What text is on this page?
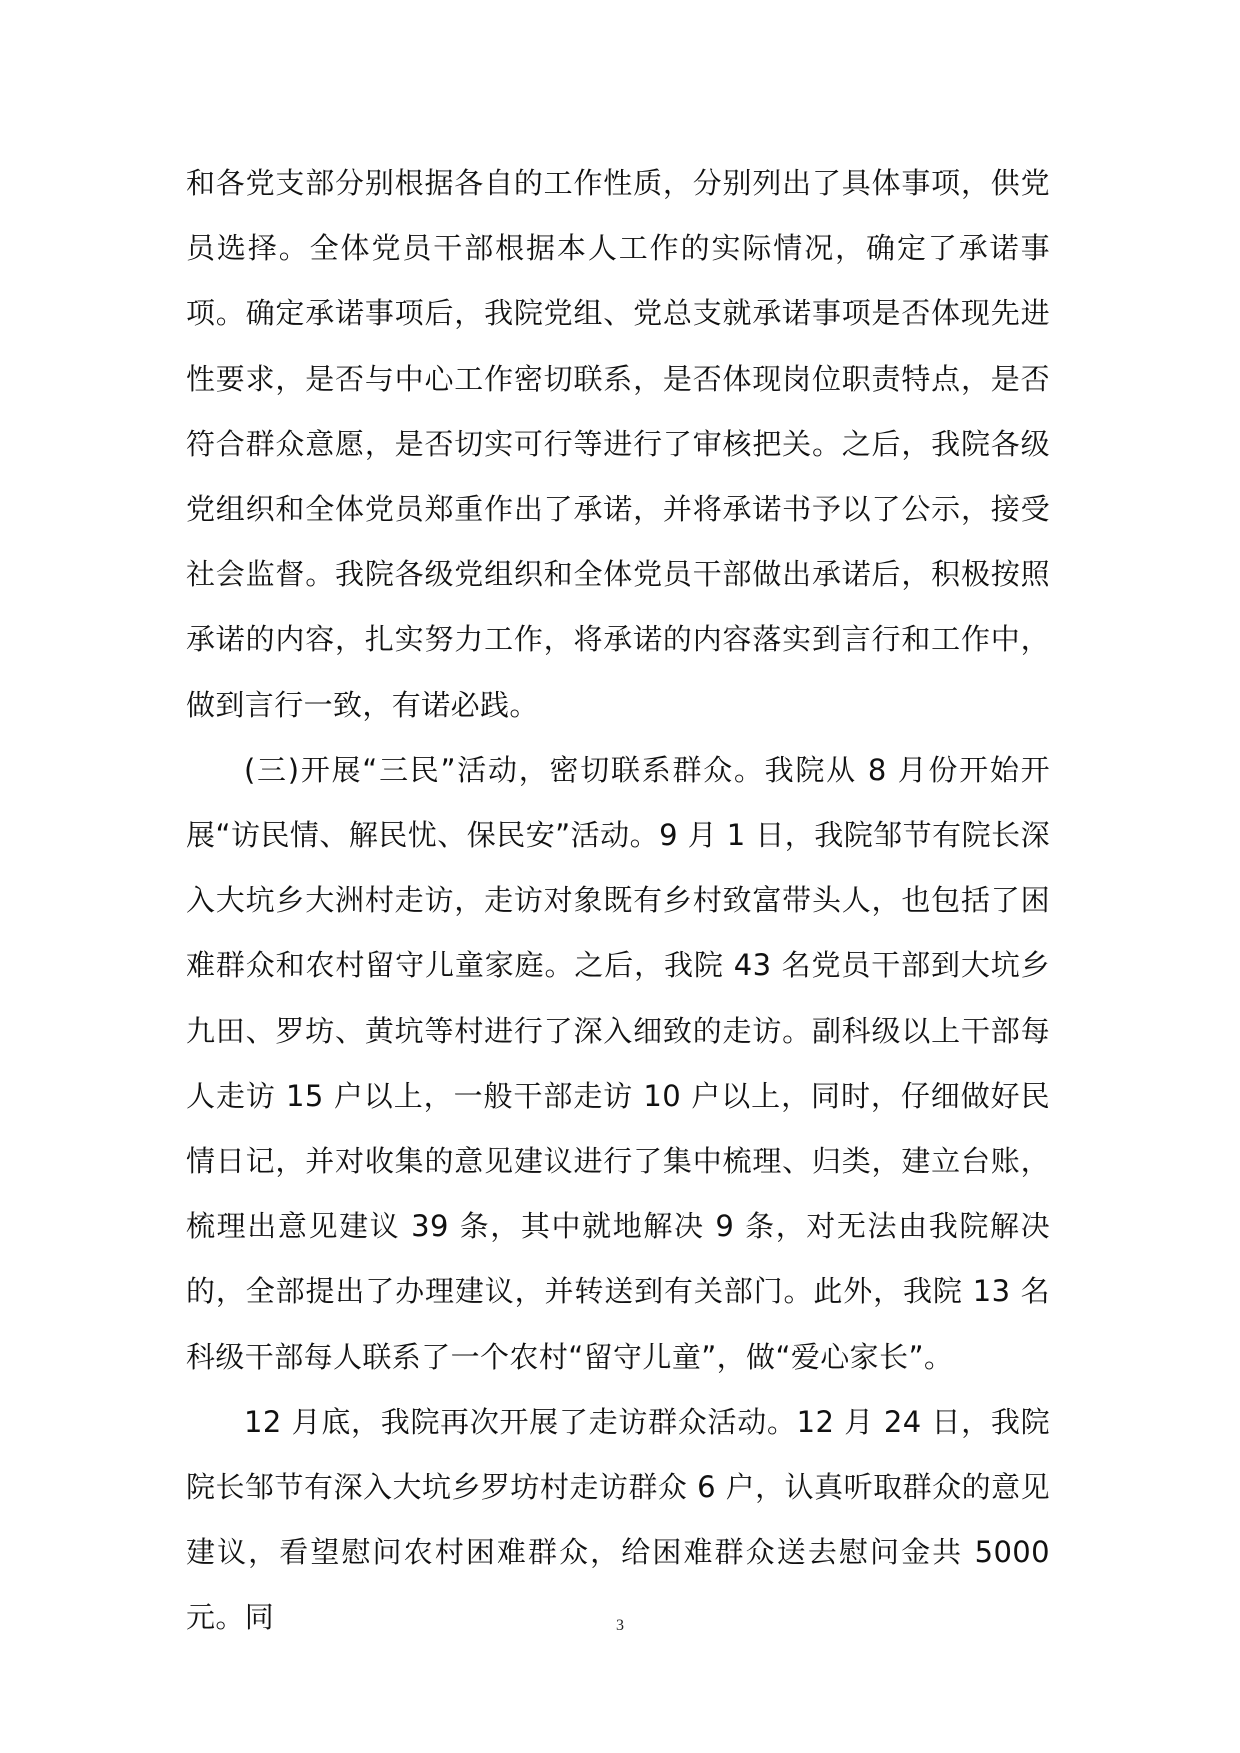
和各党支部分别根据各自的工作性质，分别列出了具体事项，供党员选择。全体党员干部根据本人工作的实际情况，确定了承诺事项。确定承诺事项后，我院党组、党总支就承诺事项是否体现先进性要求，是否与中心工作密切联系，是否体现岗位职责特点，是否符合群众意愿，是否切实可行等进行了审核把关。之后，我院各级党组织和全体党员郑重作出了承诺，并将承诺书予以了公示，接受社会监督。我院各级党组织和全体党员干部做出承诺后，积极按照承诺的内容，扎实努力工作，将承诺的内容落实到言行和工作中，做到言行一致，有诺必践。

(三)开展“三民”活动，密切联系群众。我院从 8 月份开始开展“访民情、解民忧、保民安”活动。9 月 1 日，我院邹节有院长深入大坑乡大洲村走访，走访对象既有乡村致富带头人，也包括了困难群众和农村留守儿童家庭。之后，我院 43 名党员干部到大坑乡九田、罗坊、黄坑等村进行了深入细致的走访。副科级以上干部每人走访 15 户以上，一般干部走访 10 户以上，同时，仔细做好民情日记，并对收集的意见建议进行了集中梳理、归类，建立台账，梳理出意见建议 39 条，其中就地解决 9 条，对无法由我院解决的，全部提出了办理建议，并转送到有关部门。此外，我院 13 名科级干部每人联系了一个农村“留守儿童”，做“爱心家长”。

12 月底，我院再次开展了走访群众活动。12 月 24 日，我院院长邹节有深入大坑乡罗坊村走访群众 6 户，认真听取群众的意见建议，看望慰问农村困难群众，给困难群众送去慰问金共 5000 元。同	3
